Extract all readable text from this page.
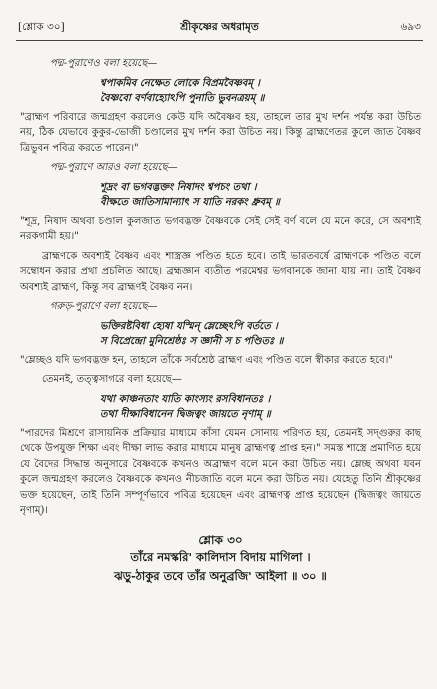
[শ্লোক ৩০]	শ্রীকৃষ্ণের অধরামৃত	৬৯৩

পদ্ম-পুরাণেও বলা হয়েছে—

শ্বপাকমিব নেক্ষেত লোকে বিপ্রমবৈষ্ণবম্ ।
বৈষ্ণবো বর্ণবাহ্যোঽপি পুনাতি ভুবনত্রয়ম্ ॥

"ব্রাহ্মণ পরিবারে জন্মগ্রহণ করলেও কেউ যদি অবৈষ্ণব হয়, তাহলে তার মুখ দর্শন পর্যন্ত করা উচিত নয়, ঠিক যেভাবে কুকুর-ভোজী চণ্ডালের মুখ দর্শন করা উচিত নয়। কিন্তু ব্রাহ্মণেতর কুলে জাত বৈষ্ণব ত্রিভুবন পবিত্র করতে পারেন।"

পদ্ম-পুরাণে আরও বলা হয়েছে—

শূদ্রং বা ভগবদ্ভক্তং নিষাদং শ্বপচং তথা ।
বীক্ষতে জাতিসামান্যাৎ স যাতি নরকং ধ্রুবম্ ॥

"শূদ্র, নিষাদ অথবা চণ্ডাল কুলজাত ভগবদ্ভক্ত বৈষ্ণবকে সেই সেই বর্ণ বলে যে মনে করে, সে অবশ্যই নরকগামী হয়।"

ব্রাহ্মণকে অবশ্যই বৈষ্ণব এবং শাস্ত্রজ্ঞ পণ্ডিত হতে হবে। তাই ভারতবর্ষে ব্রাহ্মণকে পণ্ডিত বলে সম্বোধন করার প্রথা প্রচলিত আছে। ব্রহ্মজ্ঞান ব্যতীত পরমেশ্বর ভগবানকে জানা যায় না। তাই বৈষ্ণব অবশ্যই ব্রাহ্মণ, কিন্তু সব ব্রাহ্মণই বৈষ্ণব নন।

গরুড়-পুরাণে বলা হয়েছে—

ভক্তিরষ্টবিধা হ্যেষা যস্মিন্ ম্লেচ্ছেঽপি বর্ততে ।
স বিপ্রেন্দ্রো মুনিশ্রেষ্ঠঃ স জ্ঞানী স চ পণ্ডিতঃ ॥

"ম্লেচ্ছও যদি ভগবদ্ভক্ত হন, তাহলে তাঁকে সর্বশ্রেষ্ঠ ব্রাহ্মণ এবং পণ্ডিত বলে স্বীকার করতে হবে।"

তেমনই, তত্ত্বসাগরে বলা হয়েছে—

যথা কাঞ্চনতাং যাতি কাংস্যং রসবিধানতঃ ।
তথা দীক্ষাবিধানেন দ্বিজত্বং জায়তে নৃণাম্ ॥

"পারদের মিশ্রণে রাসায়নিক প্রক্রিয়ার মাধ্যমে কাঁসা যেমন সোনায় পরিণত হয়, তেমনই সদ্গুরুর কাছ থেকে উপযুক্ত শিক্ষা এবং দীক্ষা লাভ করার মাধ্যমে মানুষ ব্রাহ্মণত্ব প্রাপ্ত হন।" সমস্ত শাস্ত্রে প্রমাণিত হয়ে যে বৈদের সিদ্ধান্ত অনুসারে বৈষ্ণবকে কখনও অব্রাহ্মণ বলে মনে করা উচিত নয়। ম্লেচ্ছ অথবা যবন কুলে জন্মগ্রহণ করলেও বৈষ্ণবকে কখনও নীচজাতি বলে মনে করা উচিত নয়। যেহেতু তিনি শ্রীকৃষ্ণের ভক্ত হয়েছেন, তাই তিনি সম্পূর্ণভাবে পবিত্র হয়েছেন এবং ব্রাহ্মণত্ব প্রাপ্ত হয়েছেন (দ্বিজত্বং জায়তে নৃণাম্)।

শ্লোক ৩০
তাঁরে নমস্করি' কালিদাস বিদায় মাগিলা ।
ঝড়ু-ঠাকুর তবে তাঁর অনুব্রজি' আইলা ॥ ৩০ ॥
